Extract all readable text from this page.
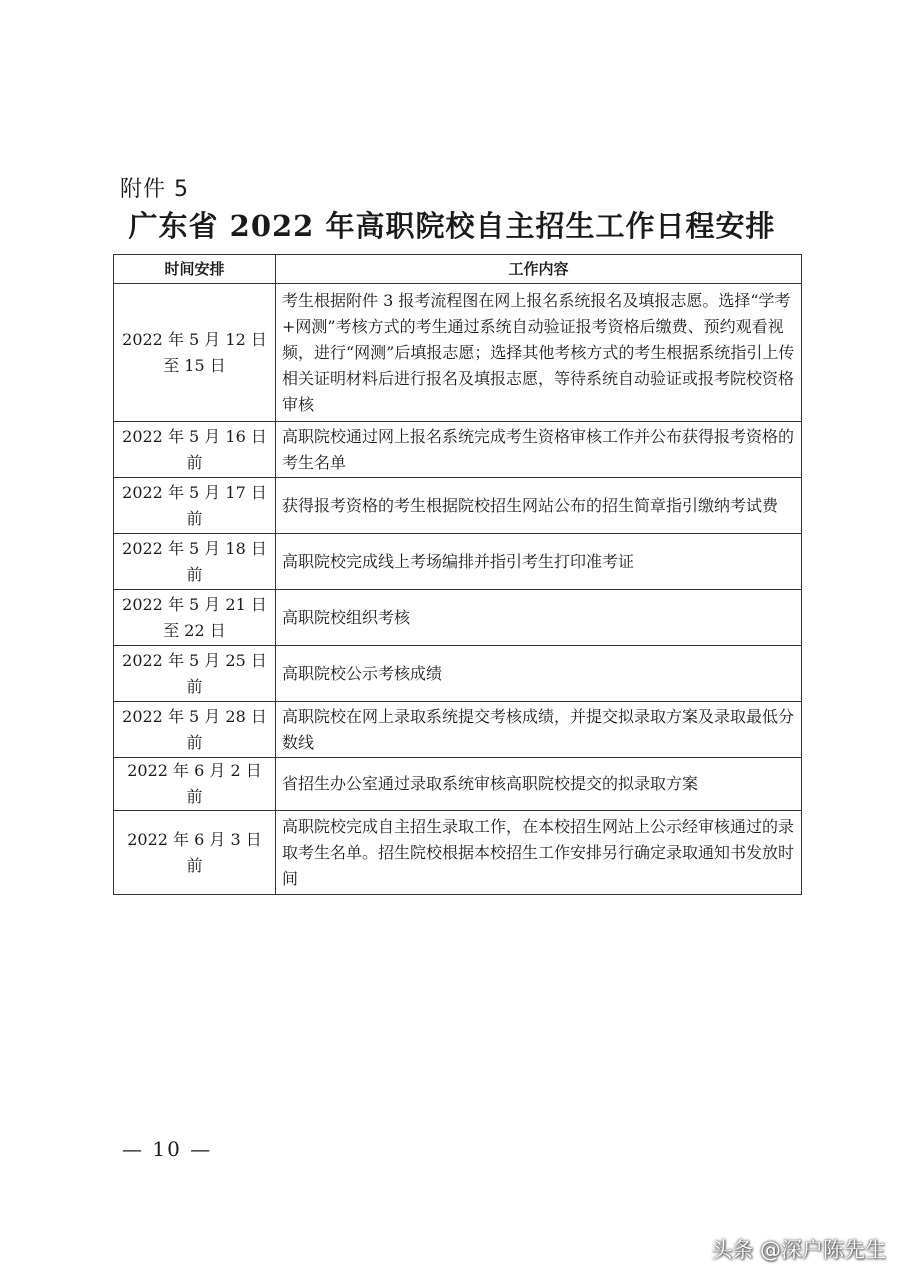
附件 5
广东省 2022 年高职院校自主招生工作日程安排
时间安排	工作内容
2022 年 5 月 12 日至 15 日	考生根据附件 3 报考流程图在网上报名系统报名及填报志愿。选择“学考+网测”考核方式的考生通过系统自动验证报考资格后缴费、预约观看视频，进行“网测”后填报志愿；选择其他考核方式的考生根据系统指引上传相关证明材料后进行报名及填报志愿，等待系统自动验证或报考院校资格审核
2022 年 5 月 16 日前	高职院校通过网上报名系统完成考生资格审核工作并公布获得报考资格的考生名单
2022 年 5 月 17 日前	获得报考资格的考生根据院校招生网站公布的招生简章指引缴纳考试费
2022 年 5 月 18 日前	高职院校完成线上考场编排并指引考生打印准考证
2022 年 5 月 21 日至 22 日	高职院校组织考核
2022 年 5 月 25 日前	高职院校公示考核成绩
2022 年 5 月 28 日前	高职院校在网上录取系统提交考核成绩，并提交拟录取方案及录取最低分数线
2022 年 6 月 2 日前	省招生办公室通过录取系统审核高职院校提交的拟录取方案
2022 年 6 月 3 日前	高职院校完成自主招生录取工作，在本校招生网站上公示经审核通过的录取考生名单。招生院校根据本校招生工作安排另行确定录取通知书发放时间
— 10 —
头条 @深户陈先生
